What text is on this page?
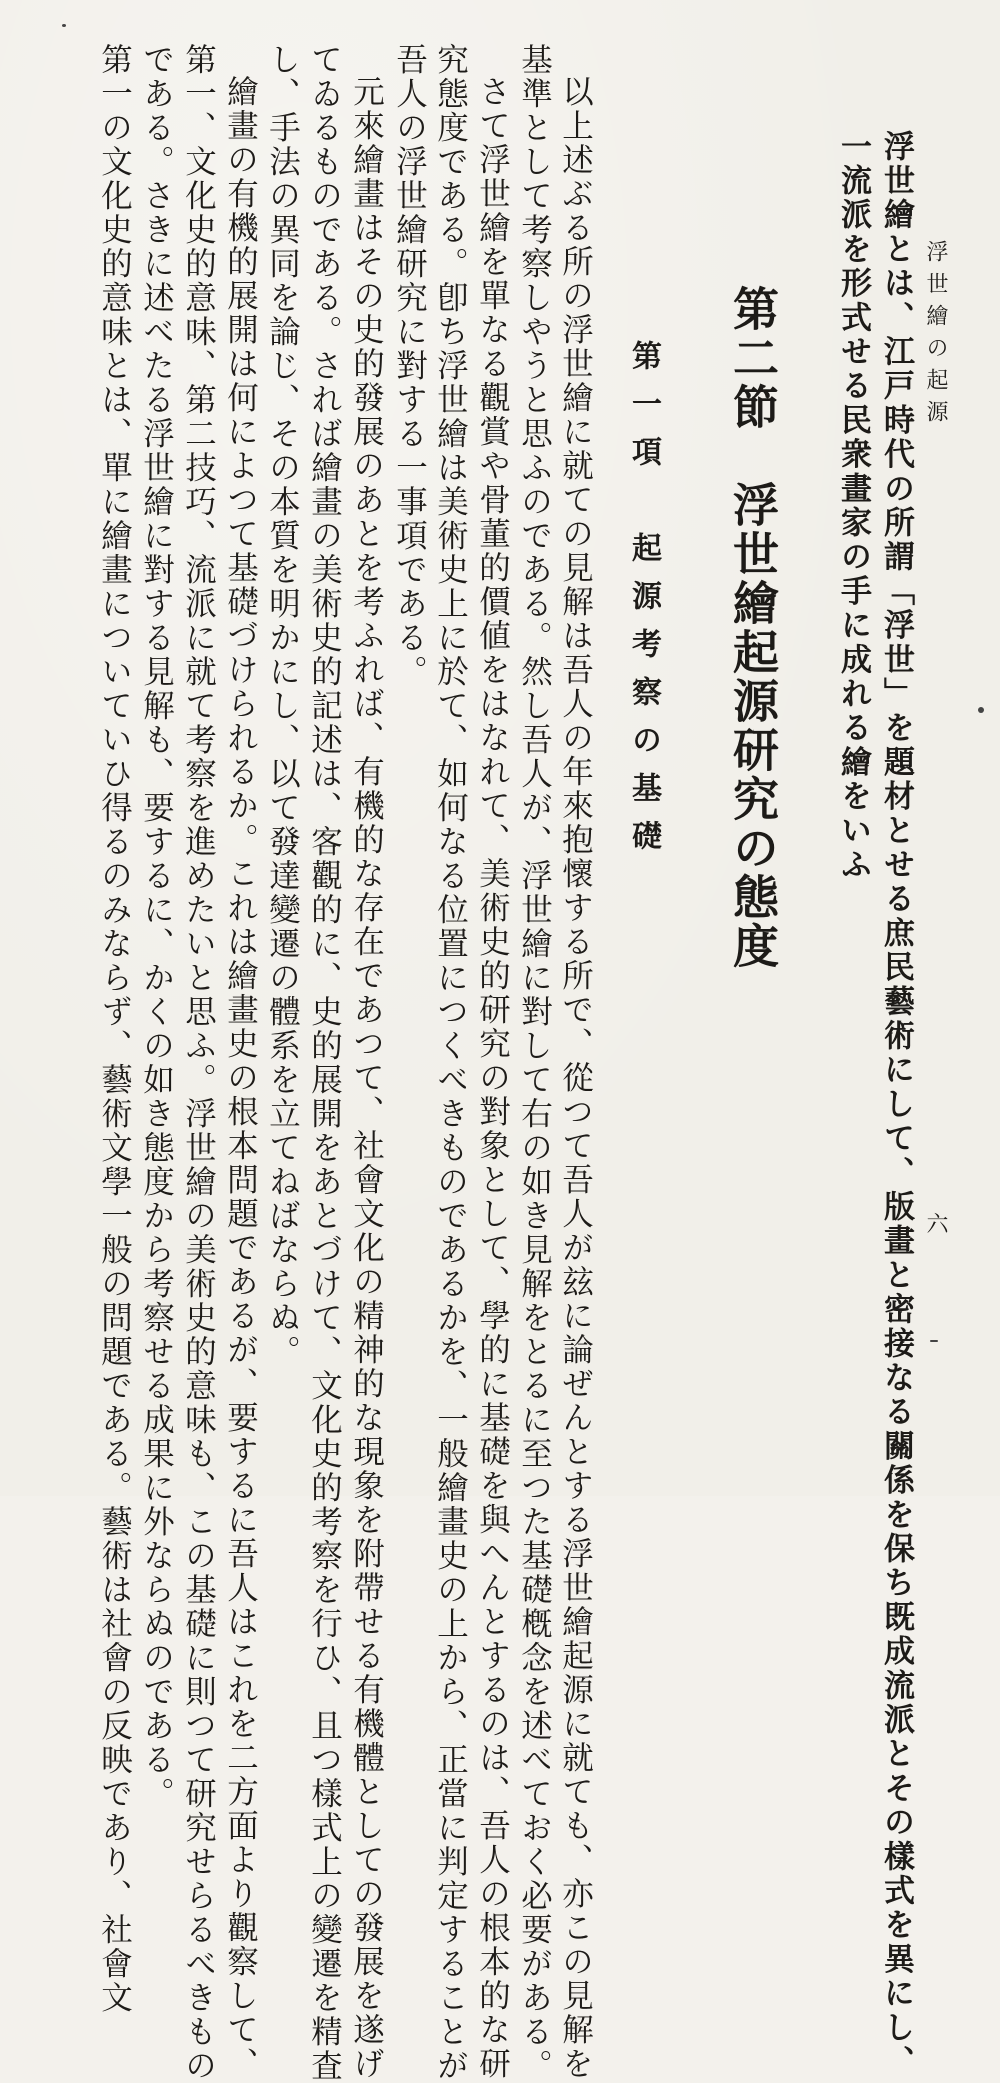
浮世繪の起源

六

浮世繪とは、江戸時代の所謂「浮世」を題材とせる庶民藝術にして、版畫と密接なる關係を保ち既成流派とその樣式を異にし、

一流派を形式せる民衆畫家の手に成れる繪をいふ

第二節　浮世繪起源研究の態度
第一項　起源考察の基礎

以上述ぶる所の浮世繪に就ての見解は吾人の年來抱懷する所で、從つて吾人が玆に論ぜんとする浮世繪起源に就ても、亦この見解を

基準として考察しやうと思ふのである。然し吾人が、浮世繪に對して右の如き見解をとるに至つた基礎槪念を述べておく必要がある。

さて浮世繪を單なる觀賞や骨董的價値をはなれて、美術史的研究の對象として、學的に基礎を與へんとするのは、吾人の根本的な研

究態度である。卽ち浮世繪は美術史上に於て、如何なる位置につくべきものであるかを、一般繪畫史の上から、正當に判定することが

吾人の浮世繪研究に對する一事項である。

元來繪畫はその史的發展のあとを考ふれば、有機的な存在であつて、社會文化の精神的な現象を附帶せる有機體としての發展を遂げ

てゐるものである。されば繪畫の美術史的記述は、客觀的に、史的展開をあとづけて、文化史的考察を行ひ、且つ樣式上の變遷を精査

し、手法の異同を論じ、その本質を明かにし、以て發達變遷の體系を立てねばならぬ。

繪畫の有機的展開は何によつて基礎づけられるか。これは繪畫史の根本問題であるが、要するに吾人はこれを二方面より觀察して、

第一、文化史的意味、第二技巧、流派に就て考察を進めたいと思ふ。浮世繪の美術史的意味も、この基礎に則つて研究せらるべきもの

である。さきに述べたる浮世繪に對する見解も、要するに、かくの如き態度から考察せる成果に外ならぬのである。

第一の文化史的意味とは、單に繪畫についていひ得るのみならず、藝術文學一般の問題である。藝術は社會の反映であり、社會文
